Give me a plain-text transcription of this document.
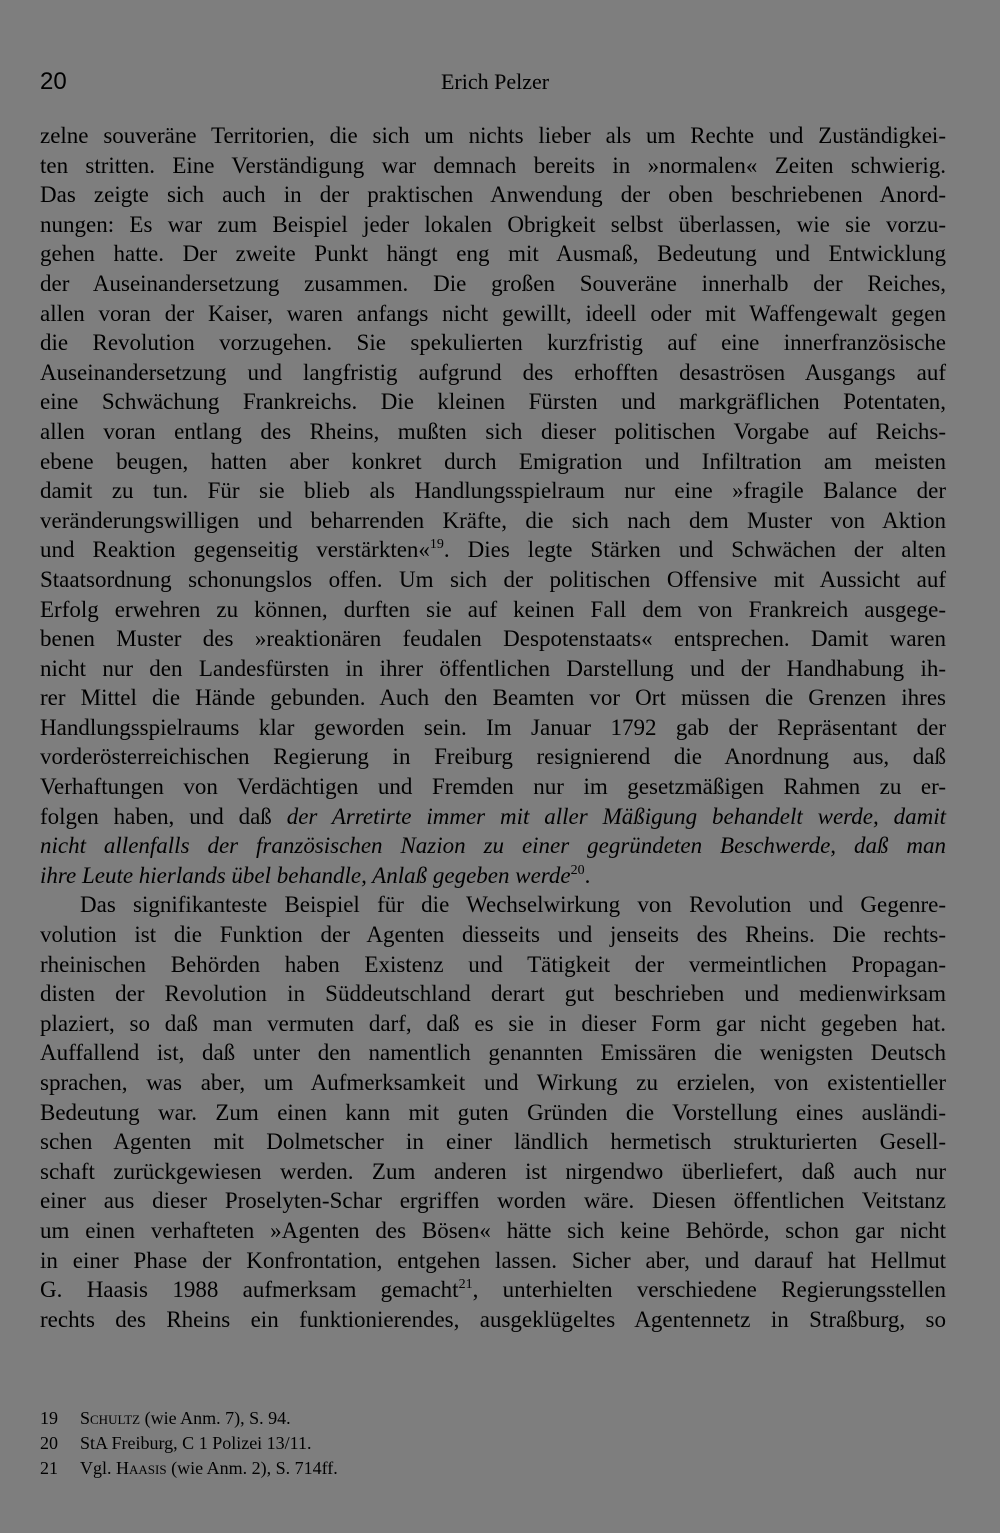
20	Erich Pelzer
zelne souveräne Territorien, die sich um nichts lieber als um Rechte und Zuständigkei-
ten stritten. Eine Verständigung war demnach bereits in »normalen« Zeiten schwierig.
Das zeigte sich auch in der praktischen Anwendung der oben beschriebenen Anord-
nungen: Es war zum Beispiel jeder lokalen Obrigkeit selbst überlassen, wie sie vorzu-
gehen hatte. Der zweite Punkt hängt eng mit Ausmaß, Bedeutung und Entwicklung
der Auseinandersetzung zusammen. Die großen Souveräne innerhalb der Reiches,
allen voran der Kaiser, waren anfangs nicht gewillt, ideell oder mit Waffengewalt gegen
die Revolution vorzugehen. Sie spekulierten kurzfristig auf eine innerfranzösische
Auseinandersetzung und langfristig aufgrund des erhofften desaströsen Ausgangs auf
eine Schwächung Frankreichs. Die kleinen Fürsten und markgräflichen Potentaten,
allen voran entlang des Rheins, mußten sich dieser politischen Vorgabe auf Reichs-
ebene beugen, hatten aber konkret durch Emigration und Infiltration am meisten
damit zu tun. Für sie blieb als Handlungsspielraum nur eine »fragile Balance der
veränderungswilligen und beharrenden Kräfte, die sich nach dem Muster von Aktion
und Reaktion gegenseitig verstärkten«$^{19}$. Dies legte Stärken und Schwächen der alten
Staatsordnung schonungslos offen. Um sich der politischen Offensive mit Aussicht auf
Erfolg erwehren zu können, durften sie auf keinen Fall dem von Frankreich ausgege-
benen Muster des »reaktionären feudalen Despotenstaats« entsprechen. Damit waren
nicht nur den Landesfürsten in ihrer öffentlichen Darstellung und der Handhabung ih-
rer Mittel die Hände gebunden. Auch den Beamten vor Ort müssen die Grenzen ihres
Handlungsspielraums klar geworden sein. Im Januar 1792 gab der Repräsentant der
vorderösterreichischen Regierung in Freiburg resignierend die Anordnung aus, daß
Verhaftungen von Verdächtigen und Fremden nur im gesetzmäßigen Rahmen zu er-
folgen haben, und daß der Arretirte immer mit aller Mäßigung behandelt werde, damit
nicht allenfalls der französischen Nazion zu einer gegründeten Beschwerde, daß man
ihre Leute hierlands übel behandle, Anlaß gegeben werde$^{20}$.
Das signifikanteste Beispiel für die Wechselwirkung von Revolution und Gegenre-
volution ist die Funktion der Agenten diesseits und jenseits des Rheins. Die rechts-
rheinischen Behörden haben Existenz und Tätigkeit der vermeintlichen Propagan-
disten der Revolution in Süddeutschland derart gut beschrieben und medienwirksam
plaziert, so daß man vermuten darf, daß es sie in dieser Form gar nicht gegeben hat.
Auffallend ist, daß unter den namentlich genannten Emissären die wenigsten Deutsch
sprachen, was aber, um Aufmerksamkeit und Wirkung zu erzielen, von existentieller
Bedeutung war. Zum einen kann mit guten Gründen die Vorstellung eines ausländi-
schen Agenten mit Dolmetscher in einer ländlich hermetisch strukturierten Gesell-
schaft zurückgewiesen werden. Zum anderen ist nirgendwo überliefert, daß auch nur
einer aus dieser Proselyten-Schar ergriffen worden wäre. Diesen öffentlichen Veitstanz
um einen verhafteten »Agenten des Bösen« hätte sich keine Behörde, schon gar nicht
in einer Phase der Konfrontation, entgehen lassen. Sicher aber, und darauf hat Hellmut
G. Haasis 1988 aufmerksam gemacht$^{21}$, unterhielten verschiedene Regierungsstellen
rechts des Rheins ein funktionierendes, ausgeklügeltes Agentennetz in Straßburg, so
19	Schultz (wie Anm. 7), S. 94.
20	StA Freiburg, C 1 Polizei 13/11.
21	Vgl. Haasis (wie Anm. 2), S. 714ff.
